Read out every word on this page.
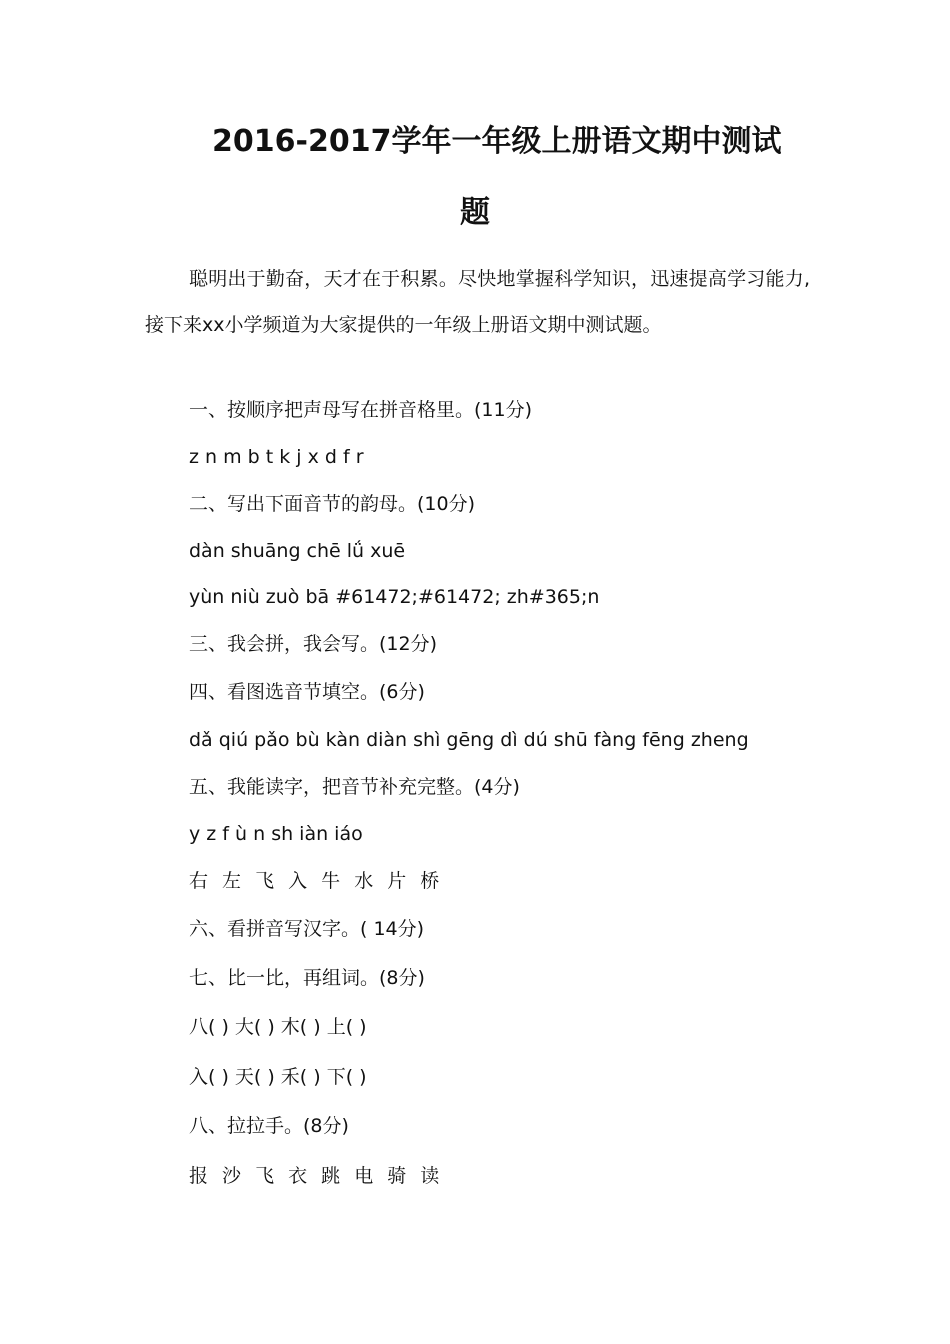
2016-2017学年一年级上册语文期中测试
题

聪明出于勤奋，天才在于积累。尽快地掌握科学知识，迅速提高学习能力,接下来xx小学频道为大家提供的一年级上册语文期中测试题。

一、按顺序把声母写在拼音格里。(11分)

z n m b t k j x d f r

二、写出下面音节的韵母。(10分)

dàn shuāng chē lǘ xuē

yùn niù zuò bā #61472;#61472; zh#365;n

三、我会拼，我会写。(12分)

四、看图选音节填空。(6分)

dǎ qiú pǎo bù kàn diàn shì gēng dì dú shū fàng fēng zheng

五、我能读字，把音节补充完整。(4分)

y z f ù n sh iàn iáo

右 左 飞 入 牛 水 片 桥

六、看拼音写汉字。( 14分)

七、比一比，再组词。(8分)

八( ) 大( ) 木( ) 上( )

入( ) 天( ) 禾( ) 下( )

八、拉拉手。(8分)

报 沙 飞 衣 跳 电 骑 读
